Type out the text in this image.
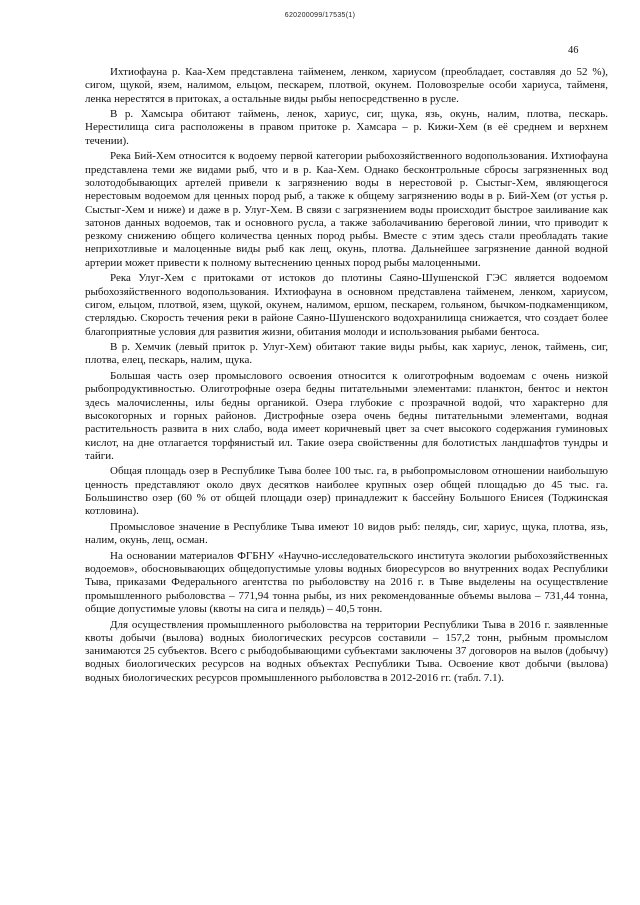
620200099/17535(1)
46

Ихтиофауна р. Каа-Хем представлена тайменем, ленком, хариусом (преобладает, составляя до 52 %), сигом, щукой, язем, налимом, ельцом, пескарем, плотвой, окунем. Половозрелые особи хариуса, тайменя, ленка нерестятся в притоках, а остальные виды рыбы непосредственно в русле.

В р. Хамсыра обитают таймень, ленок, хариус, сиг, щука, язь, окунь, налим, плотва, пескарь. Нерестилища сига расположены в правом притоке р. Хамсара – р. Кижи-Хем (в её среднем и верхнем течении).

Река Бий-Хем относится к водоему первой категории рыбохозяйственного водопользования. Ихтиофауна представлена теми же видами рыб, что и в р. Каа-Хем. Однако бесконтрольные сбросы загрязненных вод золотодобывающих артелей привели к загрязнению воды в нерестовой р. Сыстыг-Хем, являющегося нерестовым водоемом для ценных пород рыб, а также к общему загрязнению воды в р. Бий-Хем (от устья р. Сыстыг-Хем и ниже) и даже в р. Улуг-Хем. В связи с загрязнением воды происходит быстрое заиливание как затонов данных водоемов, так и основного русла, а также заболачиванию береговой линии, что приводит к резкому снижению общего количества ценных пород рыбы. Вместе с этим здесь стали преобладать такие неприхотливые и малоценные виды рыб как лещ, окунь, плотва. Дальнейшее загрязнение данной водной артерии может привести к полному вытеснению ценных пород рыбы малоценными.

Река Улуг-Хем с притоками от истоков до плотины Саяно-Шушенской ГЭС является водоемом рыбохозяйственного водопользования. Ихтиофауна в основном представлена тайменем, ленком, хариусом, сигом, ельцом, плотвой, язем, щукой, окунем, налимом, ершом, пескарем, гольяном, бычком-подкаменщиком, стерлядью. Скорость течения реки в районе Саяно-Шушенского водохранилища снижается, что создает более благоприятные условия для развития жизни, обитания молоди и использования рыбами бентоса.

В р. Хемчик (левый приток р. Улуг-Хем) обитают такие виды рыбы, как хариус, ленок, таймень, сиг, плотва, елец, пескарь, налим, щука.

Большая часть озер промыслового освоения относится к олиготрофным водоемам с очень низкой рыбопродуктивностью. Олиготрофные озера бедны питательными элементами: планктон, бентос и нектон здесь малочисленны, илы бедны органикой. Озера глубокие с прозрачной водой, что характерно для высокогорных и горных районов. Дистрофные озера очень бедны питательными элементами, водная растительность развита в них слабо, вода имеет коричневый цвет за счет высокого содержания гуминовых кислот, на дне отлагается торфянистый ил. Такие озера свойственны для болотистых ландшафтов тундры и тайги.

Общая площадь озер в Республике Тыва более 100 тыс. га, в рыбопромысловом отношении наибольшую ценность представляют около двух десятков наиболее крупных озер общей площадью до 45 тыс. га. Большинство озер (60 % от общей площади озер) принадлежит к бассейну Большого Енисея (Тоджинская котловина).

Промысловое значение в Республике Тыва имеют 10 видов рыб: пелядь, сиг, хариус, щука, плотва, язь, налим, окунь, лещ, осман.

На основании материалов ФГБНУ «Научно-исследовательского института экологии рыбохозяйственных водоемов», обосновывающих общедопустимые уловы водных биоресурсов во внутренних водах Республики Тыва, приказами Федерального агентства по рыболовству на 2016 г. в Тыве выделены на осуществление промышленного рыболовства – 771,94 тонна рыбы, из них рекомендованные объемы вылова – 731,44 тонна, общие допустимые уловы (квоты на сига и пелядь) – 40,5 тонн.

Для осуществления промышленного рыболовства на территории Республики Тыва в 2016 г. заявленные квоты добычи (вылова) водных биологических ресурсов составили – 157,2 тонн, рыбным промыслом занимаются 25 субъектов. Всего с рыбодобывающими субъектами заключены 37 договоров на вылов (добычу) водных биологических ресурсов на водных объектах Республики Тыва. Освоение квот добычи (вылова) водных биологических ресурсов промышленного рыболовства в 2012-2016 гг. (табл. 7.1).
